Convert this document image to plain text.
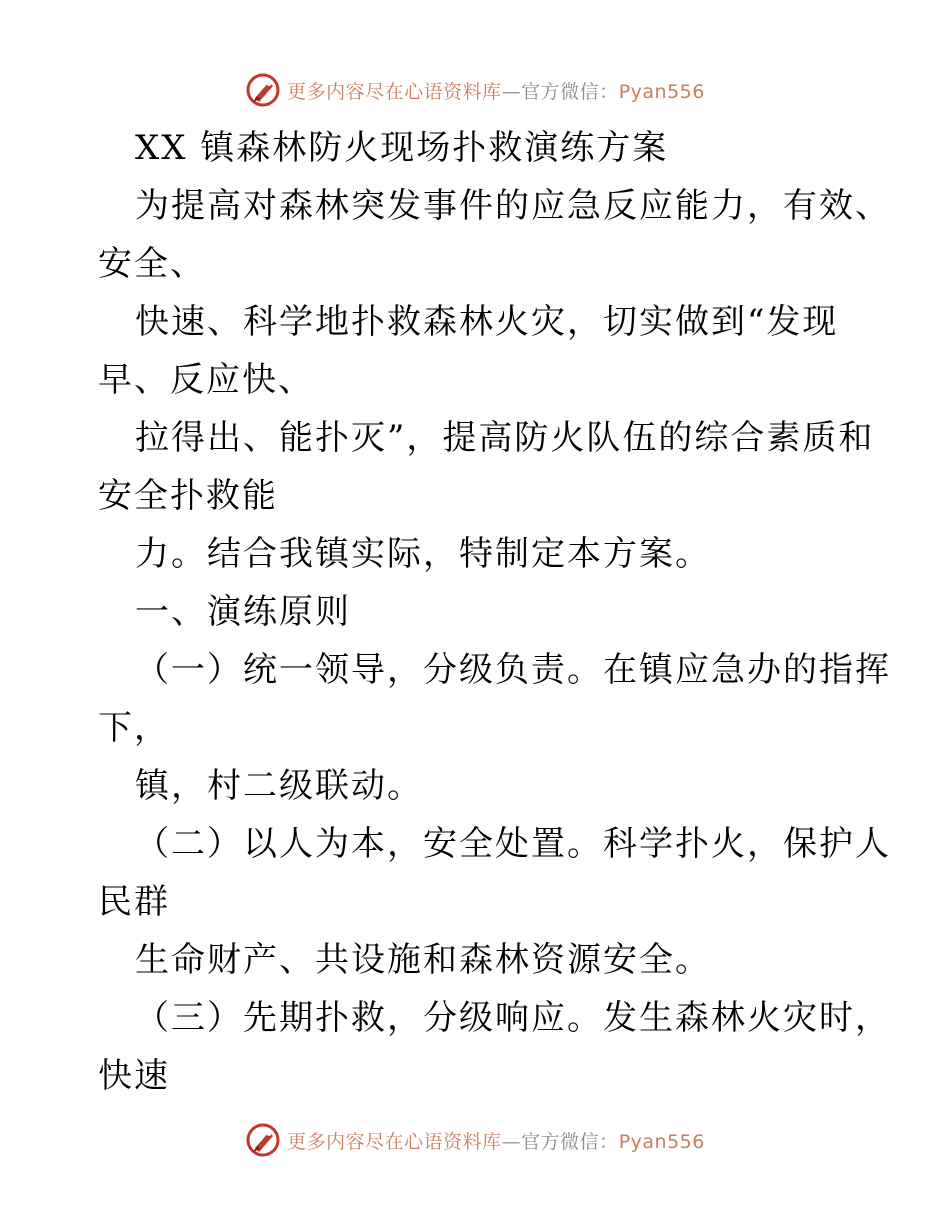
更多内容尽在心语资料库—官方微信：Pyan556
XX 镇森林防火现场扑救演练方案
为提高对森林突发事件的应急反应能力，有效、
安全、
快速、科学地扑救森林火灾，切实做到“发现
早、反应快、
拉得出、能扑灭”，提高防火队伍的综合素质和
安全扑救能
力。结合我镇实际，特制定本方案。
一、演练原则
（一）统一领导，分级负责。在镇应急办的指挥
下，
镇，村二级联动。
（二）以人为本，安全处置。科学扑火，保护人
民群
生命财产、共设施和森林资源安全。
（三）先期扑救，分级响应。发生森林火灾时，
快速
更多内容尽在心语资料库—官方微信：Pyan556
